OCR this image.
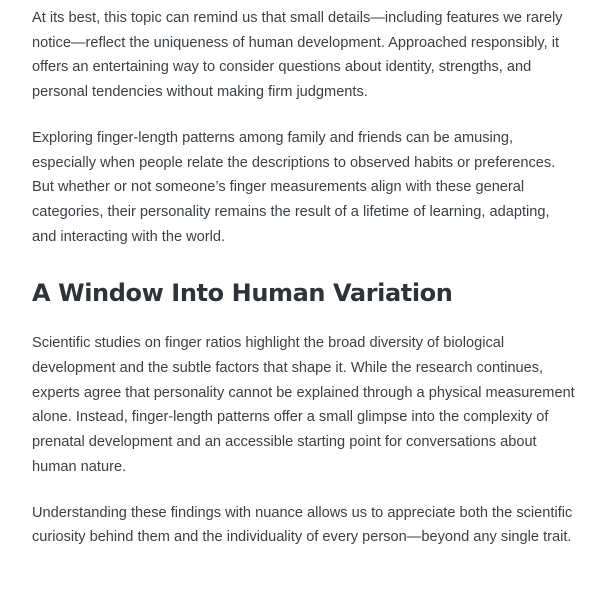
At its best, this topic can remind us that small details—including features we rarely notice—reflect the uniqueness of human development. Approached responsibly, it offers an entertaining way to consider questions about identity, strengths, and personal tendencies without making firm judgments.

Exploring finger-length patterns among family and friends can be amusing, especially when people relate the descriptions to observed habits or preferences. But whether or not someone’s finger measurements align with these general categories, their personality remains the result of a lifetime of learning, adapting, and interacting with the world.

A Window Into Human Variation

Scientific studies on finger ratios highlight the broad diversity of biological development and the subtle factors that shape it. While the research continues, experts agree that personality cannot be explained through a physical measurement alone. Instead, finger-length patterns offer a small glimpse into the complexity of prenatal development and an accessible starting point for conversations about human nature.

Understanding these findings with nuance allows us to appreciate both the scientific curiosity behind them and the individuality of every person—beyond any single trait.
